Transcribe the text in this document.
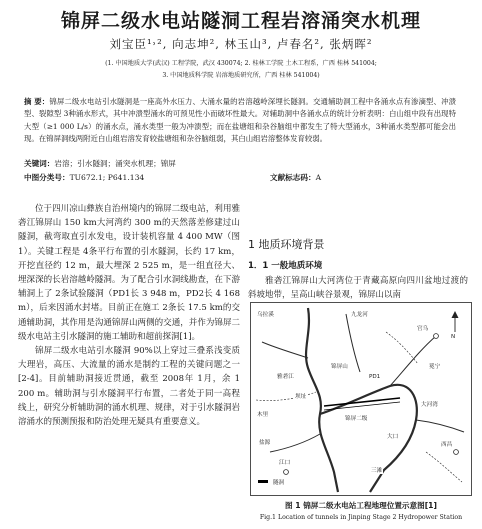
锦屏二级水电站隧洞工程岩溶涌突水机理
刘宝臣¹˒², 向志坤², 林玉山³, 卢春名², 张炳晖²
(1. 中国地质大学(武汉) 工程学院，武汉 430074; 2. 桂林工学院 土木工程系，广西 桂林 541004;
3. 中国地质科学院 岩溶地质研究所，广西 桂林 541004)
摘 要：锦屏二级水电站引水隧洞是一座高外水压力、大涌水量的岩溶越岭深埋长隧洞。交通辅助洞工程中各涌水点有渗滴型、冲溃型、裂隙型 3种涌水形式，其中冲溃型涌水的可预见性小而破坏性最大。对辅助洞中各涌水点的统计分析表明：白山组中段有出现特大型（≥1 000 L/s）的涌水点，涌水类型一般为冲溃型；而在盐塘组和杂谷脑组中都发生了特大型涌水，3种涌水类型都可能会出现。在锦屏洞线两附近白山组岩溶发育较盐塘组和杂谷脑组弱，其白山组岩溶整体发育较弱。
关键词：岩溶；引水隧洞；涌突水机理；锦屏
中图分类号：TU672.1; P641.134	文献标志码：A

位于四川凉山彝族自治州境内的锦屏二级电站，利用雅砻江锦屏山 150 km大河湾约 300 m的天然落差修建过山隧洞，截弯取直引水发电，设计装机容量 4 400 MW（图 1）。关键工程是 4条平行布置的引水隧洞，长约 17 km，开挖直径约 12 m，最大埋深 2 525 m，是一组直径大、埋深深的长岩溶越岭隧洞。为了配合引水洞线勘查，在下游辅洞上了 2条试验隧洞（PD1长 3 948 m，PD2长 4 168 m），后来因涌水封堵。目前正在施工 2条长 17.5 km的交通辅助洞，其作用是沟通锦屏山两侧的交通，并作为锦屏二级水电站主引水隧洞的施工辅助和超前探洞[1]。

锦屏二级水电站引水隧洞 90%以上穿过三叠系浅变质大理岩，高压、大流量的涌水是制约工程的关键问题之一[2-4]。目前辅助洞接近贯通，截至 2008年 1月，余 1 200 m。辅助洞与引水隧洞平行布置，二者处于同一高程线上，研究分析辅助洞的涌水机理、规律，对于引水隧洞岩溶涌水的预测预报和防治处理无疑具有重要意义。

1 地质环境背景
1．1 一般地质环境

雅砻江锦屏山大河湾位于青藏高原向四川盆地过渡的斜坡地带，呈高山峡谷景观，锦屏山以南

N
乌拉溪	九龙河
锦屏山
雅砻江	PD1
官乌
木里
锦屏二级
大河湾
盐源	西昌
冕宁
大口
坝址
三滩
江口
隧洞
图 1 锦屏二级水电站工程地理位置示意图[1]
Fig.1 Location of tunnels in Jinping Stage 2 Hydropower Station
